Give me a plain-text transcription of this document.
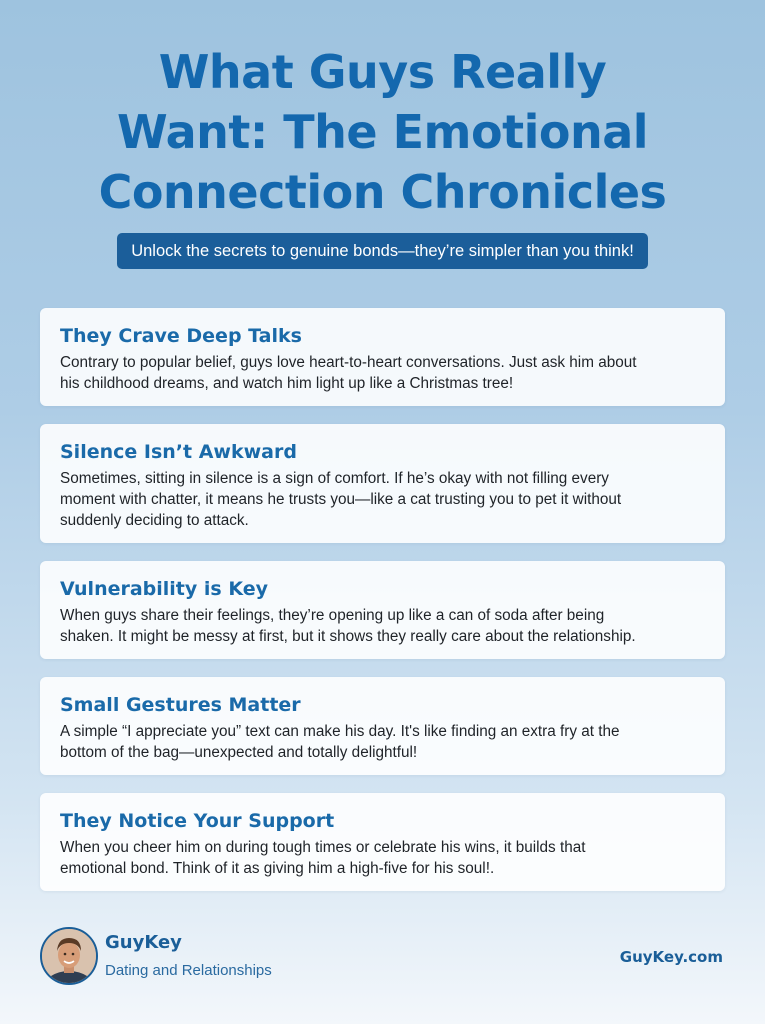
What Guys Really
Want: The Emotional
Connection Chronicles
Unlock the secrets to genuine bonds—they’re simpler than you think!
They Crave Deep Talks

Contrary to popular belief, guys love heart-to-heart conversations. Just ask him about
his childhood dreams, and watch him light up like a Christmas tree!

Silence Isn’t Awkward

Sometimes, sitting in silence is a sign of comfort. If he’s okay with not filling every
moment with chatter, it means he trusts you—like a cat trusting you to pet it without
suddenly deciding to attack.

Vulnerability is Key

When guys share their feelings, they’re opening up like a can of soda after being
shaken. It might be messy at first, but it shows they really care about the relationship.

Small Gestures Matter

A simple “I appreciate you” text can make his day. It's like finding an extra fry at the
bottom of the bag—unexpected and totally delightful!

They Notice Your Support

When you cheer him on during tough times or celebrate his wins, it builds that
emotional bond. Think of it as giving him a high-five for his soul!.

GuyKey
Dating and Relationships
GuyKey.com
